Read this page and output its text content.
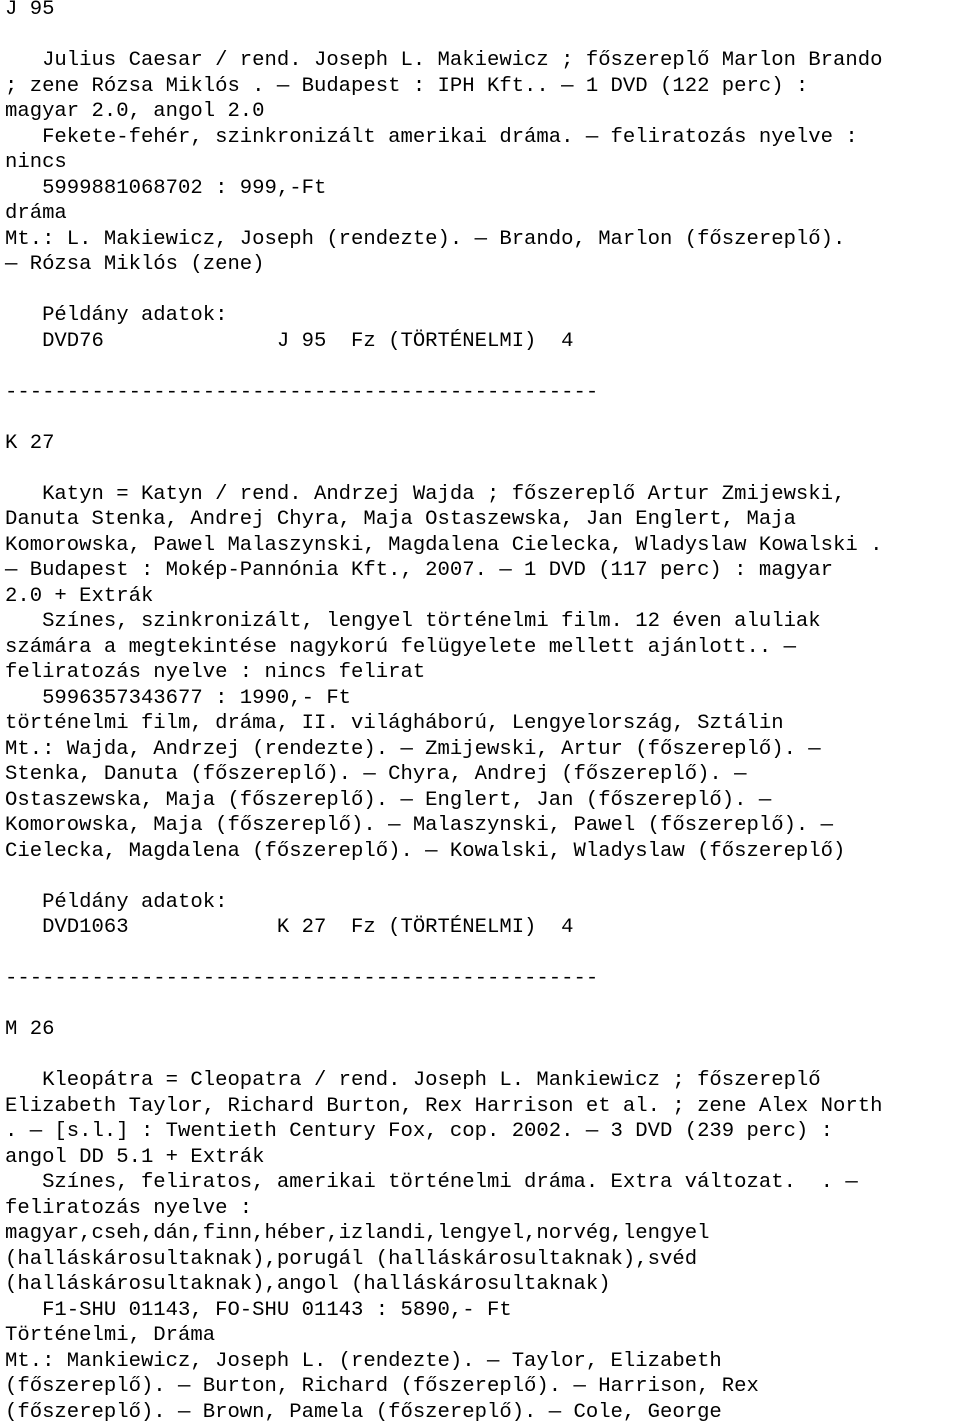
J 95
Julius Caesar / rend. Joseph L. Makiewicz ; főszereplő Marlon Brando
; zene Rózsa Miklós . — Budapest : IPH Kft.. — 1 DVD (122 perc) :
magyar 2.0, angol 2.0
Fekete-fehér, szinkronizált amerikai dráma. — feliratozás nyelve :
nincs
5999881068702 : 999,-Ft
dráma
Mt.: L. Makiewicz, Joseph (rendezte). — Brando, Marlon (főszereplő).
— Rózsa Miklós (zene)
Példány adatok:
DVD76              J 95  Fz (TÖRTÉNELMI)  4
------------------------------------------------
K 27
Katyn = Katyn / rend. Andrzej Wajda ; főszereplő Artur Zmijewski,
Danuta Stenka, Andrej Chyra, Maja Ostaszewska, Jan Englert, Maja
Komorowska, Pawel Malaszynski, Magdalena Cielecka, Wladyslaw Kowalski .
— Budapest : Mokép-Pannónia Kft., 2007. — 1 DVD (117 perc) : magyar
2.0 + Extrák
Színes, szinkronizált, lengyel történelmi film. 12 éven aluliak
számára a megtekintése nagykorú felügyelete mellett ajánlott.. —
feliratozás nyelve : nincs felirat
5996357343677 : 1990,- Ft
történelmi film, dráma, II. világháború, Lengyelország, Sztálin
Mt.: Wajda, Andrzej (rendezte). — Zmijewski, Artur (főszereplő). —
Stenka, Danuta (főszereplő). — Chyra, Andrej (főszereplő). —
Ostaszewska, Maja (főszereplő). — Englert, Jan (főszereplő). —
Komorowska, Maja (főszereplő). — Malaszynski, Pawel (főszereplő). —
Cielecka, Magdalena (főszereplő). — Kowalski, Wladyslaw (főszereplő)
Példány adatok:
DVD1063            K 27  Fz (TÖRTÉNELMI)  4
------------------------------------------------
M 26
Kleopátra = Cleopatra / rend. Joseph L. Mankiewicz ; főszereplő
Elizabeth Taylor, Richard Burton, Rex Harrison et al. ; zene Alex North
. — [s.l.] : Twentieth Century Fox, cop. 2002. — 3 DVD (239 perc) :
angol DD 5.1 + Extrák
Színes, feliratos, amerikai történelmi dráma. Extra változat.  . —
feliratozás nyelve :
magyar,cseh,dán,finn,héber,izlandi,lengyel,norvég,lengyel
(halláskárosultaknak),porugál (halláskárosultaknak),svéd
(halláskárosultaknak),angol (halláskárosultaknak)
F1-SHU 01143, FO-SHU 01143 : 5890,- Ft
Történelmi, Dráma
Mt.: Mankiewicz, Joseph L. (rendezte). — Taylor, Elizabeth
(főszereplő). — Burton, Richard (főszereplő). — Harrison, Rex
(főszereplő). — Brown, Pamela (főszereplő). — Cole, George
